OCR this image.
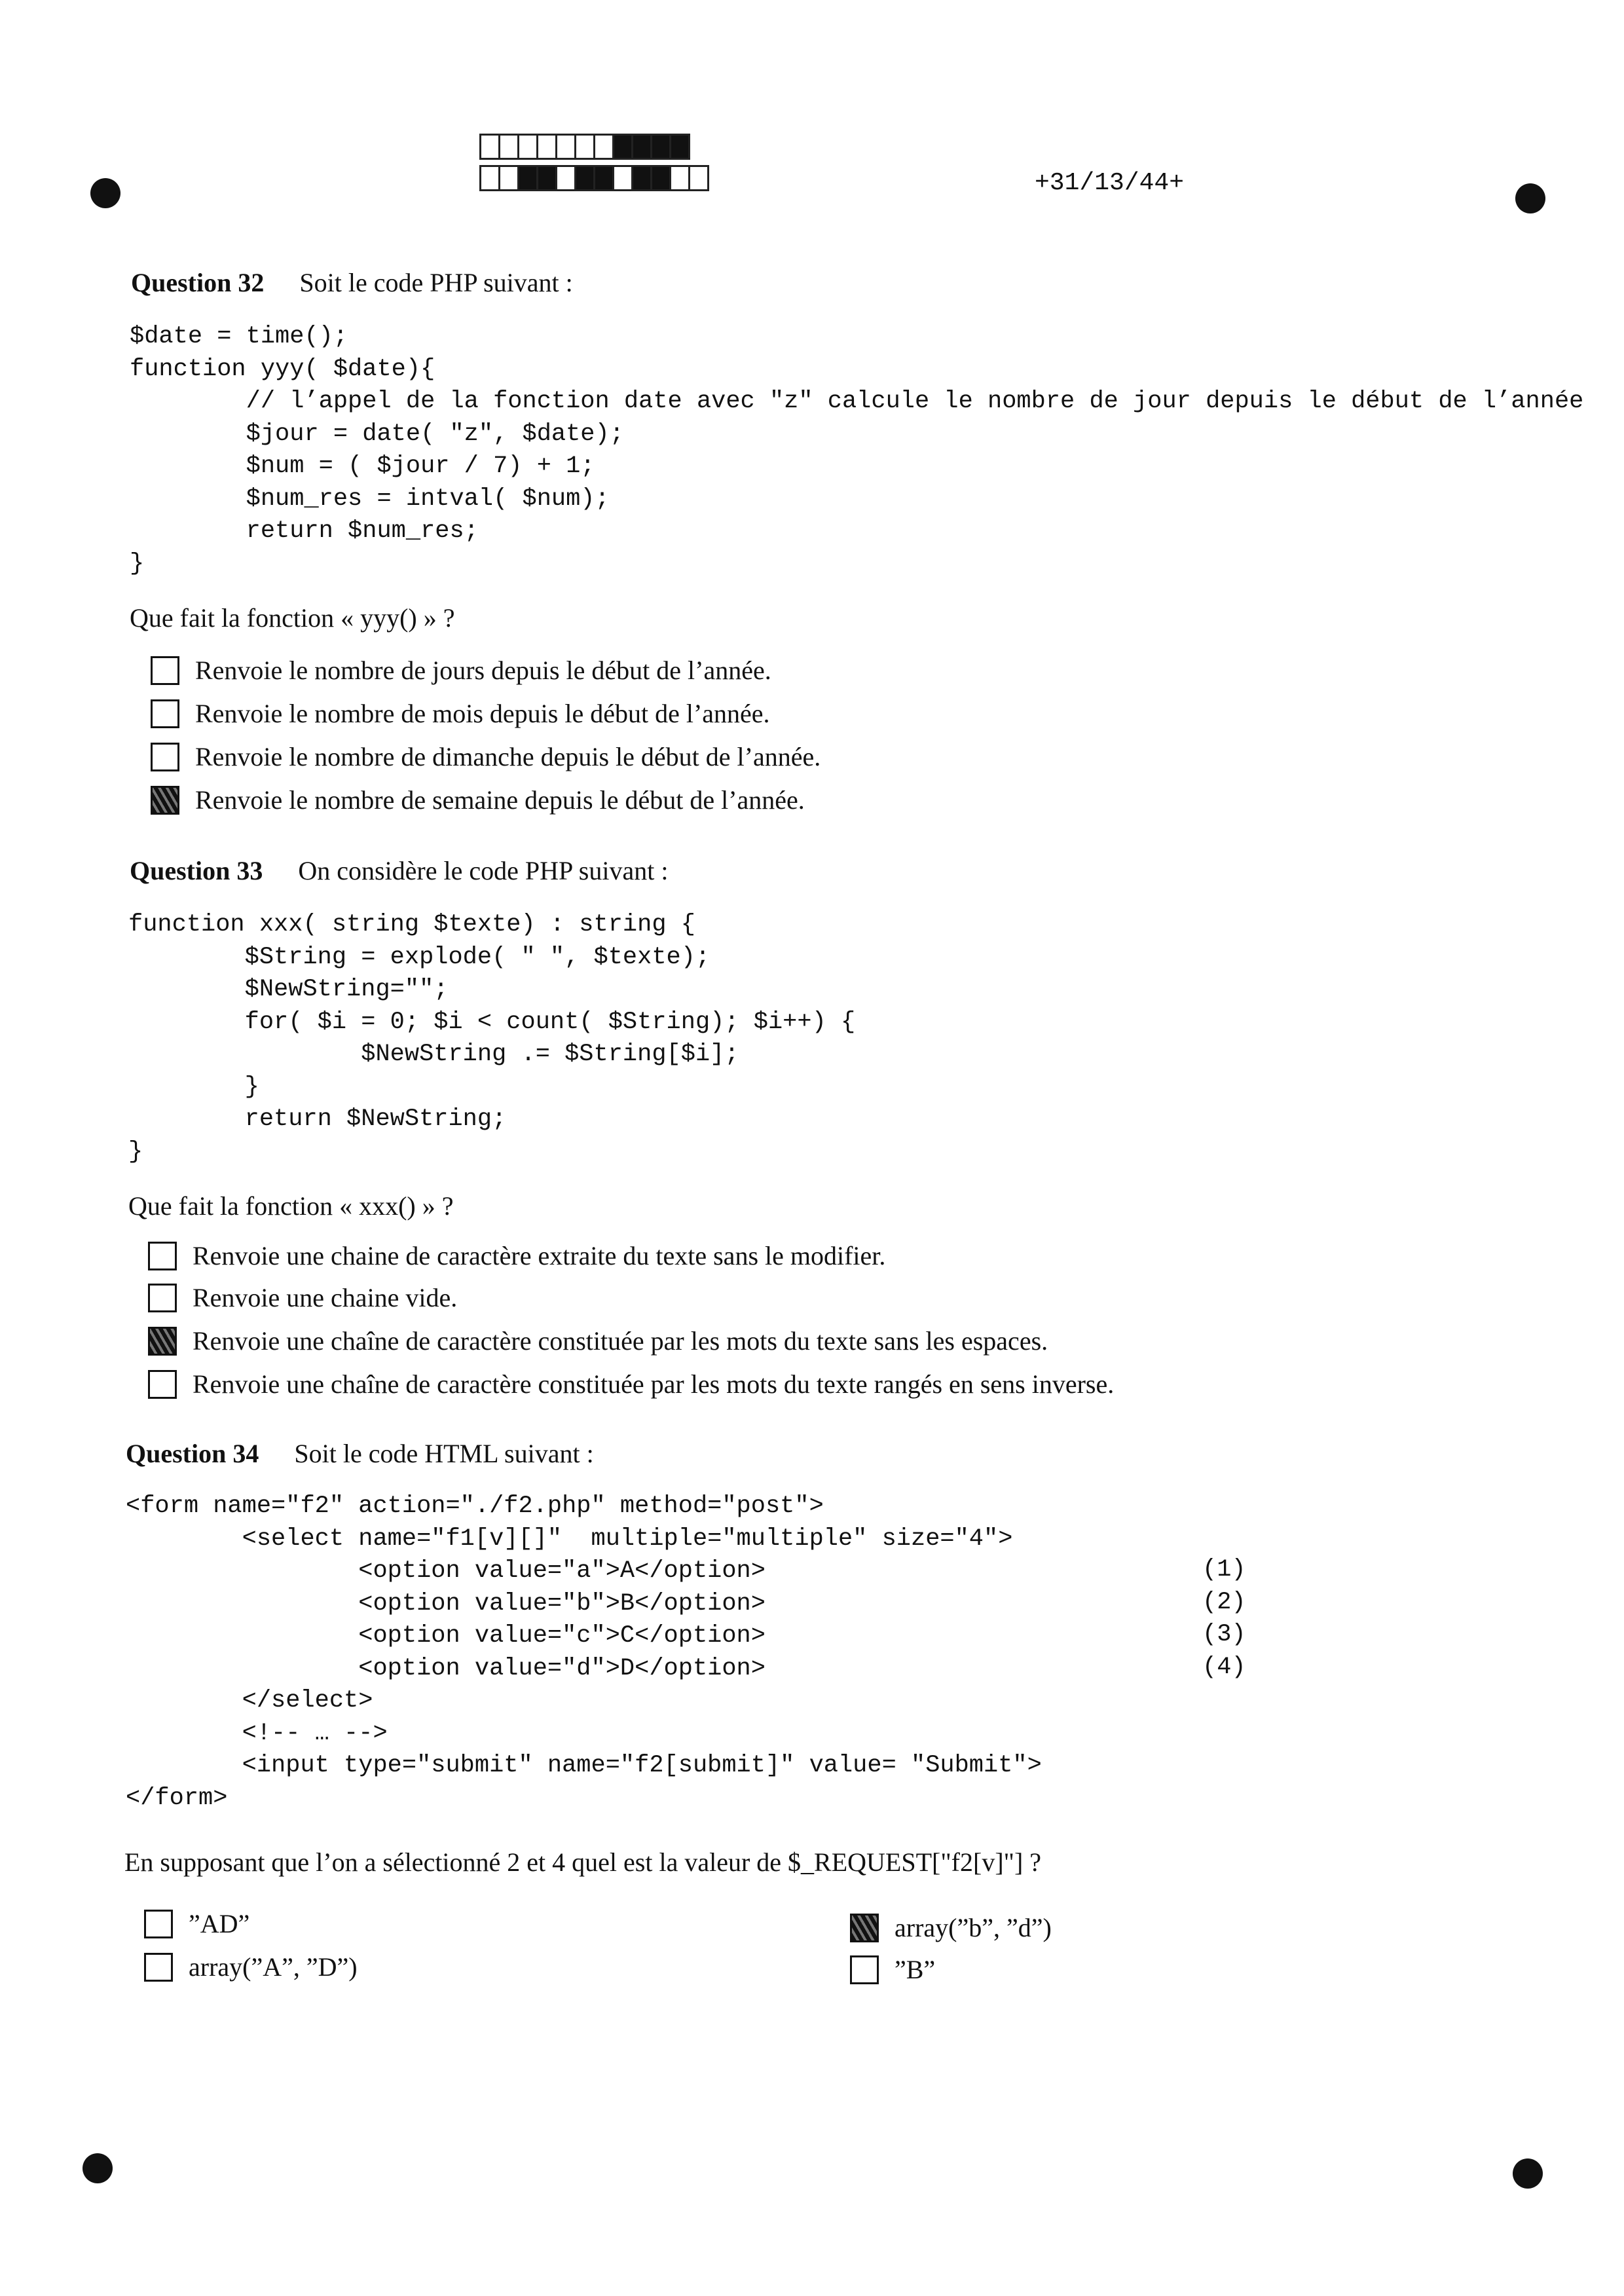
+31/13/44+
Question 32 Soit le code PHP suivant :
$date = time();
function yyy( $date){
// l’appel de la fonction date avec "z" calcule le nombre de jour depuis le début de l’année
$jour = date( "z", $date);
$num = ( $jour / 7) + 1;
$num_res = intval( $num);
return $num_res;
}
Que fait la fonction « yyy() » ?
Renvoie le nombre de jours depuis le début de l’année.
Renvoie le nombre de mois depuis le début de l’année.
Renvoie le nombre de dimanche depuis le début de l’année.
Renvoie le nombre de semaine depuis le début de l’année.
Question 33 On considère le code PHP suivant :
function xxx( string $texte) : string {
$String = explode( " ", $texte);
$NewString="";
for( $i = 0; $i < count( $String); $i++) {
$NewString .= $String[$i];
}
return $NewString;
}
Que fait la fonction « xxx() » ?
Renvoie une chaine de caractère extraite du texte sans le modifier.
Renvoie une chaine vide.
Renvoie une chaîne de caractère constituée par les mots du texte sans les espaces.
Renvoie une chaîne de caractère constituée par les mots du texte rangés en sens inverse.
Question 34 Soit le code HTML suivant :
<form name="f2" action="./f2.php" method="post">
<select name="f1[v][]"  multiple="multiple" size="4">
<option value="a">A</option>
<option value="b">B</option>
<option value="c">C</option>
<option value="d">D</option>
</select>
<!-- … -->
<input type="submit" name="f2[submit]" value= "Submit">
</form>
(1)
(2)
(3)
(4)
En supposant que l’on a sélectionné 2 et 4 quel est la valeur de $_REQUEST["f2[v]"] ?
”AD”
array(”A”, ”D”)
array(”b”, ”d”)
”B”
